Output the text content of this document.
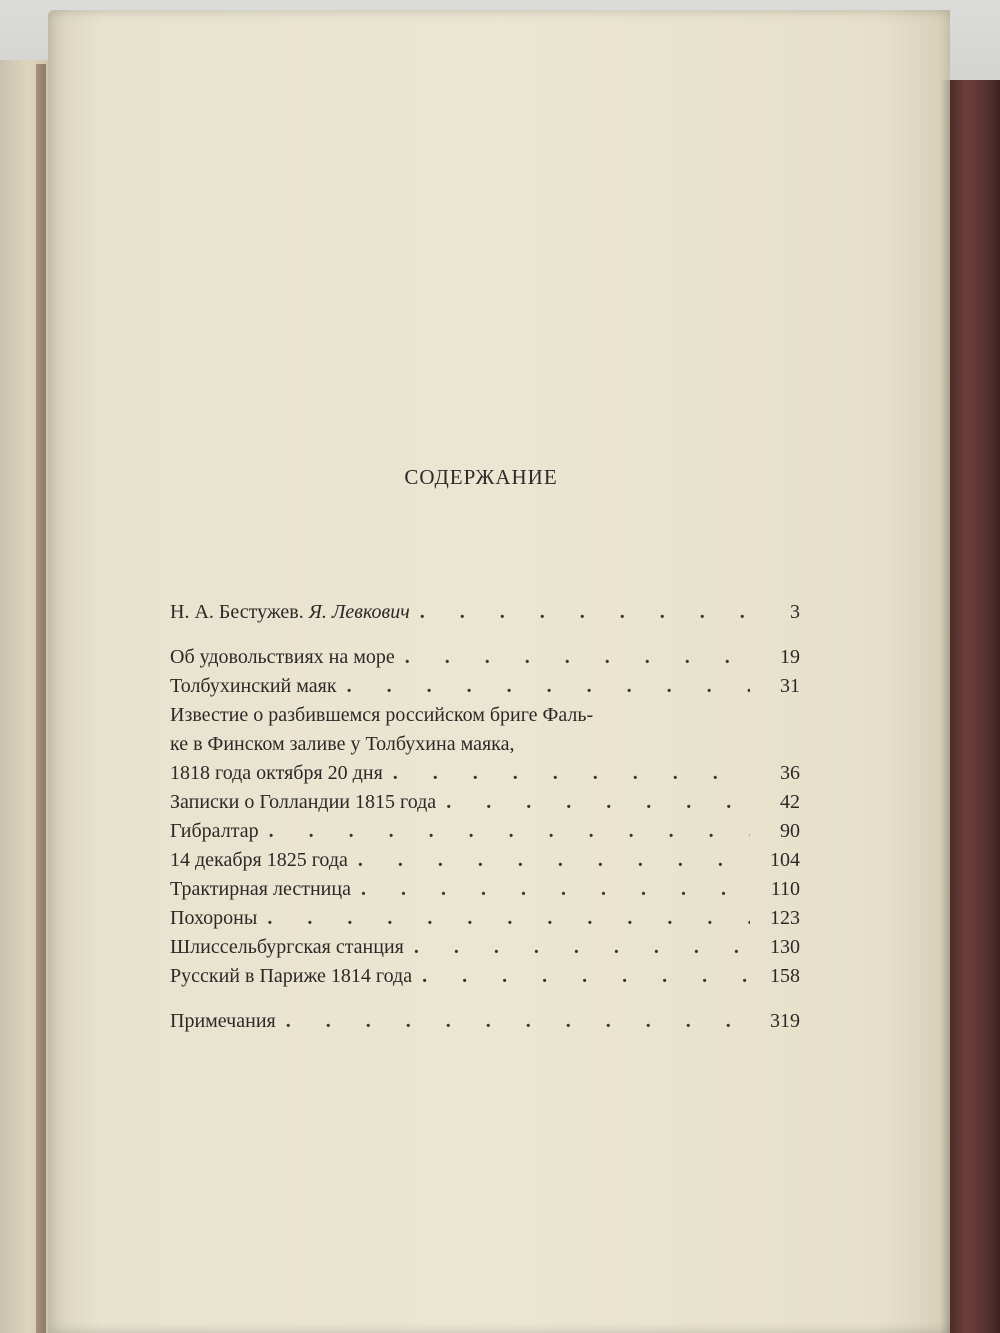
СОДЕРЖАНИЕ
Н. А. Бестужев. Я. Левкович . . .	3
Об удовольствиях на море . . .	19
Толбухинский маяк . . .	31
Известие о разбившемся российском бриге Фаль-
ке в Финском заливе у Толбухина маяка,
1818 года октября 20 дня . . .	36
Записки о Голландии 1815 года . . .	42
Гибралтар . . .	90
14 декабря 1825 года . . .	104
Трактирная лестница . . .	110
Похороны . . .	123
Шлиссельбургская станция . . .	130
Русский в Париже 1814 года . . .	158
Примечания . . .	319
